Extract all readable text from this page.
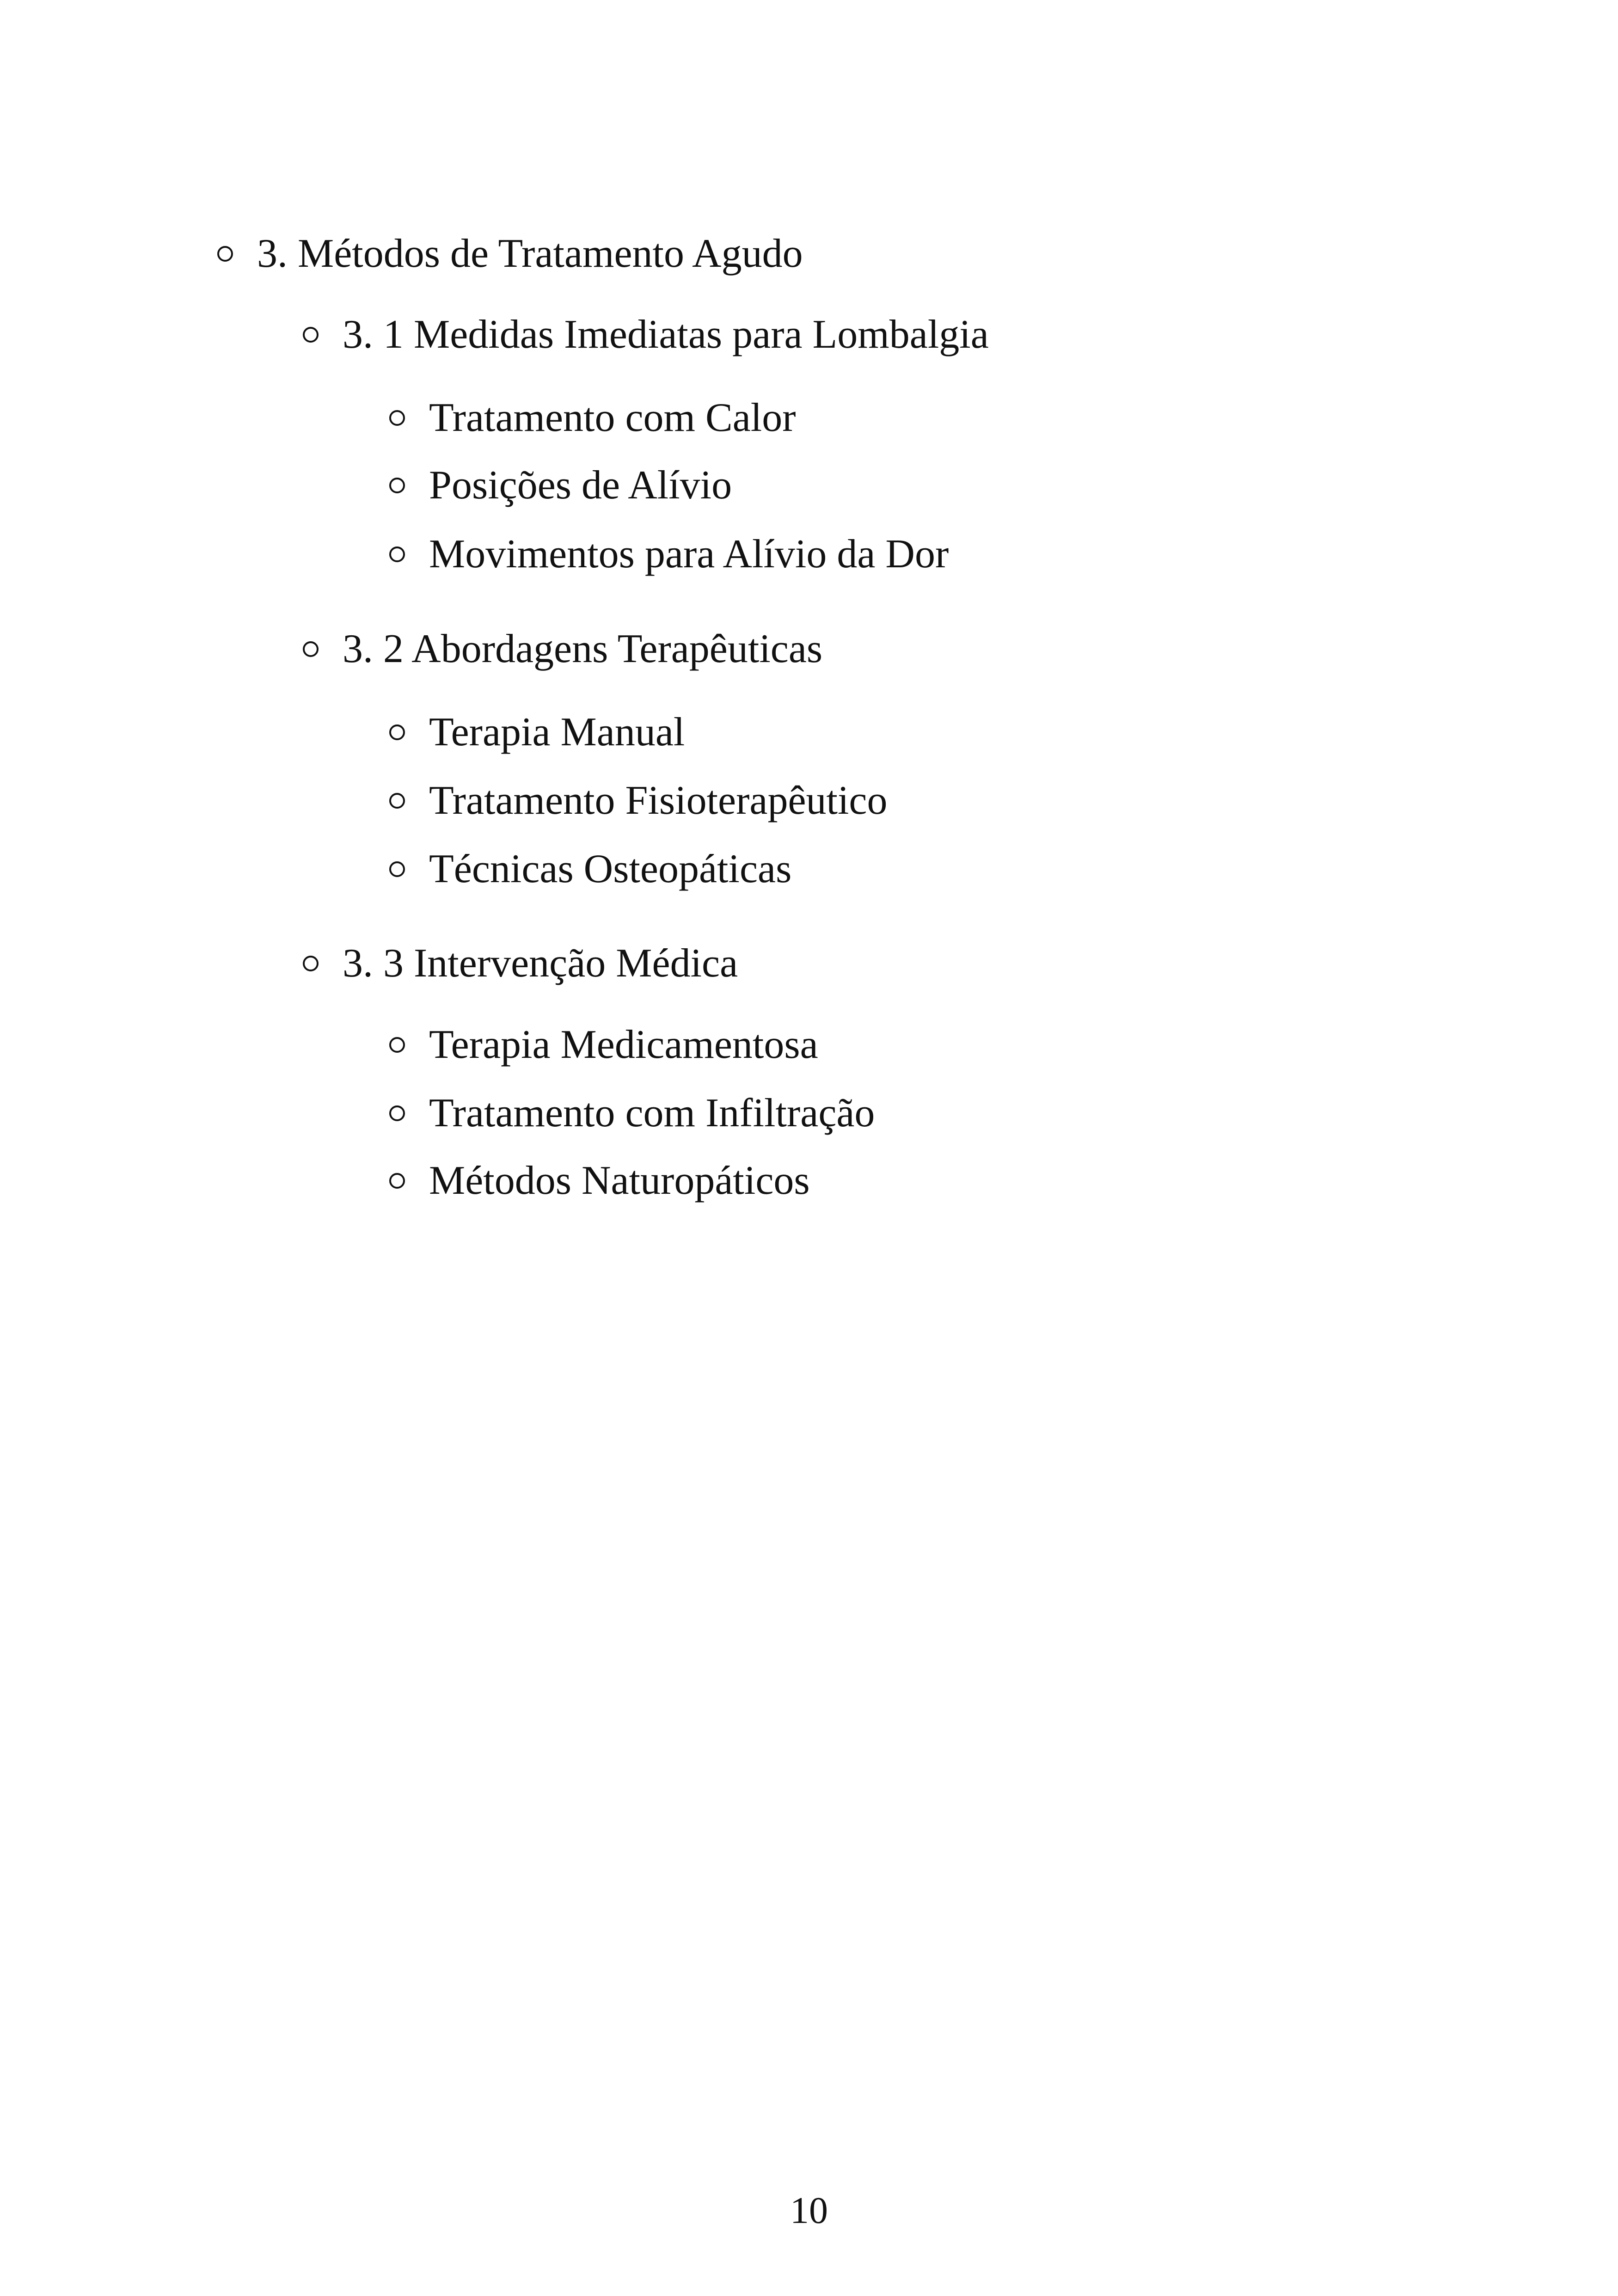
3. Métodos de Tratamento Agudo
3. 1 Medidas Imediatas para Lombalgia
Tratamento com Calor
Posições de Alívio
Movimentos para Alívio da Dor
3. 2 Abordagens Terapêuticas
Terapia Manual
Tratamento Fisioterapêutico
Técnicas Osteopáticas
3. 3 Intervenção Médica
Terapia Medicamentosa
Tratamento com Infiltração
Métodos Naturopáticos
10
